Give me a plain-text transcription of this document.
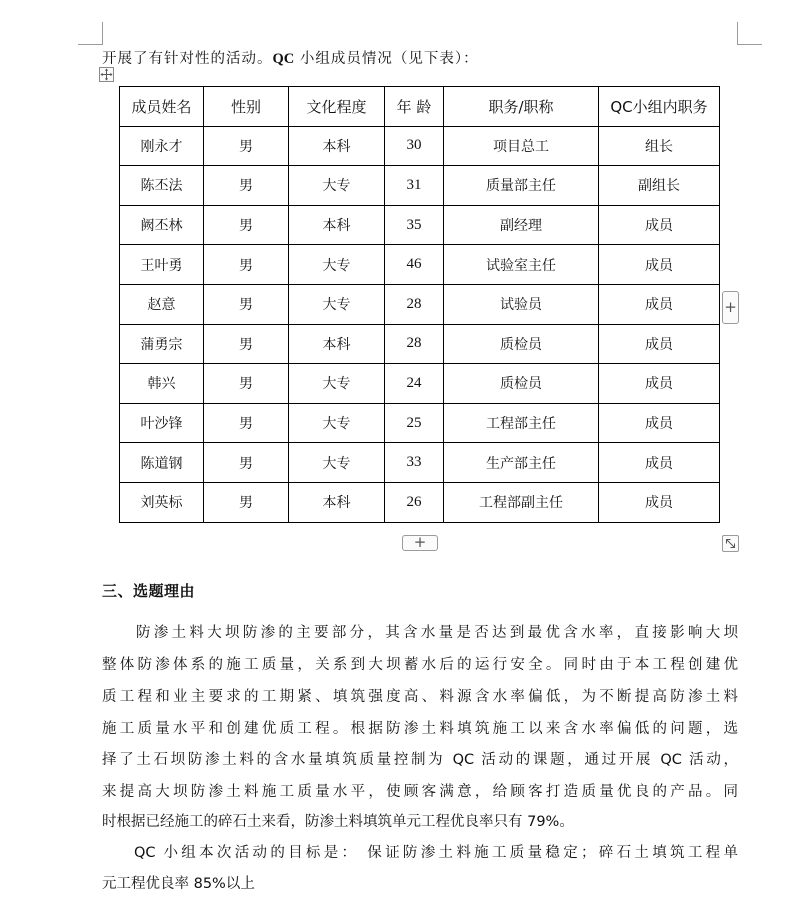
开展了有针对性的活动。QC 小组成员情况（见下表）：
成员姓名	性别	文化程度	年 龄	职务/职称	QC小组内职务
刚永才	男	本科	30	项目总工	组长
陈丕法	男	大专	31	质量部主任	副组长
阙丕林	男	本科	35	副经理	成员
王叶勇	男	大专	46	试验室主任	成员
赵意	男	大专	28	试验员	成员
蒲勇宗	男	本科	28	质检员	成员
韩兴	男	大专	24	质检员	成员
叶沙锋	男	大专	25	工程部主任	成员
陈道钢	男	大专	33	生产部主任	成员
刘英标	男	本科	26	工程部副主任	成员
+
+
三、选题理由
防渗土料大坝防渗的主要部分，其含水量是否达到最优含水率，直接影响大坝
整体防渗体系的施工质量，关系到大坝蓄水后的运行安全。同时由于本工程创建优
质工程和业主要求的工期紧、填筑强度高、料源含水率偏低，为不断提高防渗土料
施工质量水平和创建优质工程。根据防渗土料填筑施工以来含水率偏低的问题，选
择了土石坝防渗土料的含水量填筑质量控制为 QC 活动的课题，通过开展 QC 活动，
来提高大坝防渗土料施工质量水平，使顾客满意，给顾客打造质量优良的产品。同
时根据已经施工的碎石土来看，防渗土料填筑单元工程优良率只有 79%。
QC 小组本次活动的目标是： 保证防渗土料施工质量稳定；碎石土填筑工程单
元工程优良率 85%以上
